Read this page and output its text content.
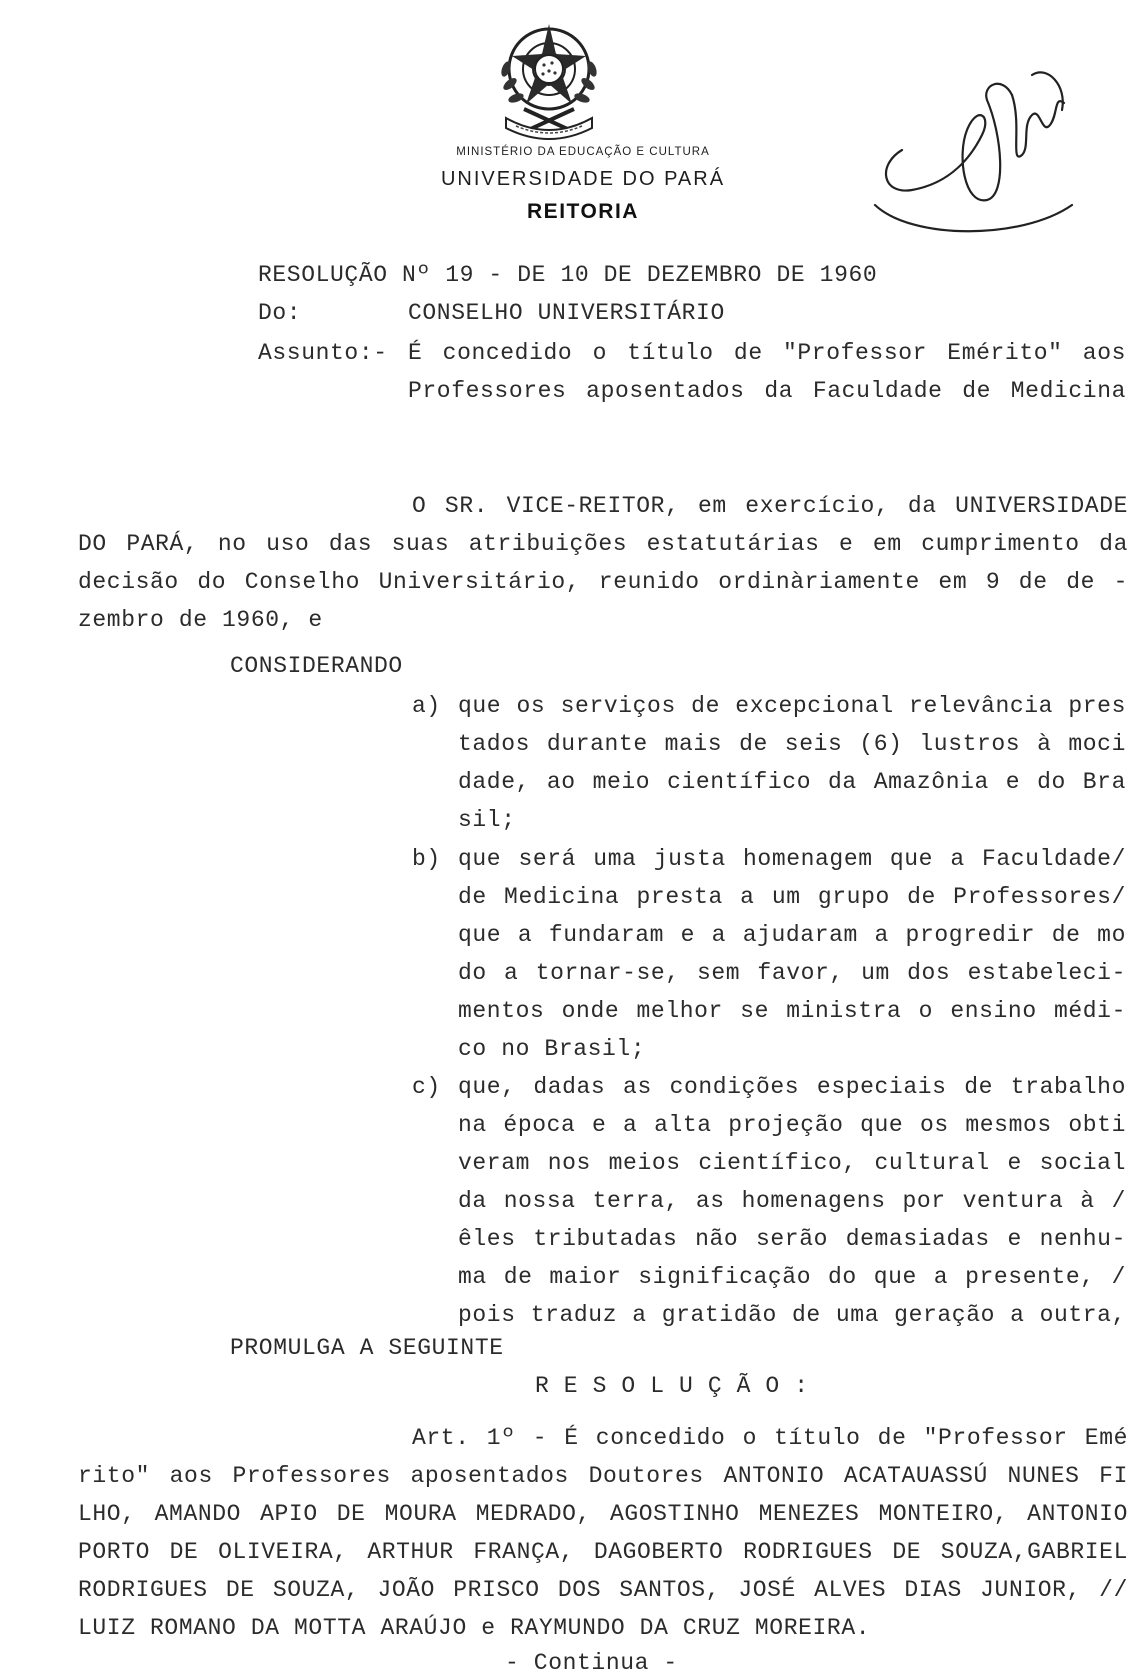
MINISTÉRIO DA EDUCAÇÃO E CULTURA
UNIVERSIDADE DO PARÁ
REITORIA
RESOLUÇÃO Nº 19 - DE 10 DE DEZEMBRO DE 1960
Do:	CONSELHO UNIVERSITÁRIO
Assunto:- É concedido o título de "Professor Emérito" aos
Professores aposentados da Faculdade de Medicina
O SR. VICE-REITOR, em exercício, da UNIVERSIDADE
DO PARÁ, no uso das suas atribuições estatutárias e em cumprimento da
decisão do Conselho Universitário, reunido ordinàriamente em 9 de de -
zembro de 1960, e
CONSIDERANDO
a) que os serviços de excepcional relevância pres
tados durante mais de seis (6) lustros à moci
dade, ao meio científico da Amazônia e do Bra
sil;
b) que será uma justa homenagem que a Faculdade/
de Medicina presta a um grupo de Professores/
que a fundaram e a ajudaram a progredir de mo
do a tornar-se, sem favor, um dos estabeleci-
mentos onde melhor se ministra o ensino médi-
co no Brasil;
c) que, dadas as condições especiais de trabalho
na época e a alta projeção que os mesmos obti
veram nos meios científico, cultural e social
da nossa terra, as homenagens por ventura à /
êles tributadas não serão demasiadas e nenhu-
ma de maior significação do que a presente, /
pois traduz a gratidão de uma geração a outra,
PROMULGA A SEGUINTE
R E S O L U Ç Ã O :
Art. 1º - É concedido o título de "Professor Emé
rito" aos Professores aposentados Doutores ANTONIO ACATAUASSÚ NUNES FI
LHO, AMANDO APIO DE MOURA MEDRADO, AGOSTINHO MENEZES MONTEIRO, ANTONIO
PORTO DE OLIVEIRA, ARTHUR FRANÇA, DAGOBERTO RODRIGUES DE SOUZA,GABRIEL
RODRIGUES DE SOUZA, JOÃO PRISCO DOS SANTOS, JOSÉ ALVES DIAS JUNIOR, //
LUIZ ROMANO DA MOTTA ARAÚJO e RAYMUNDO DA CRUZ MOREIRA.
- Continua -
